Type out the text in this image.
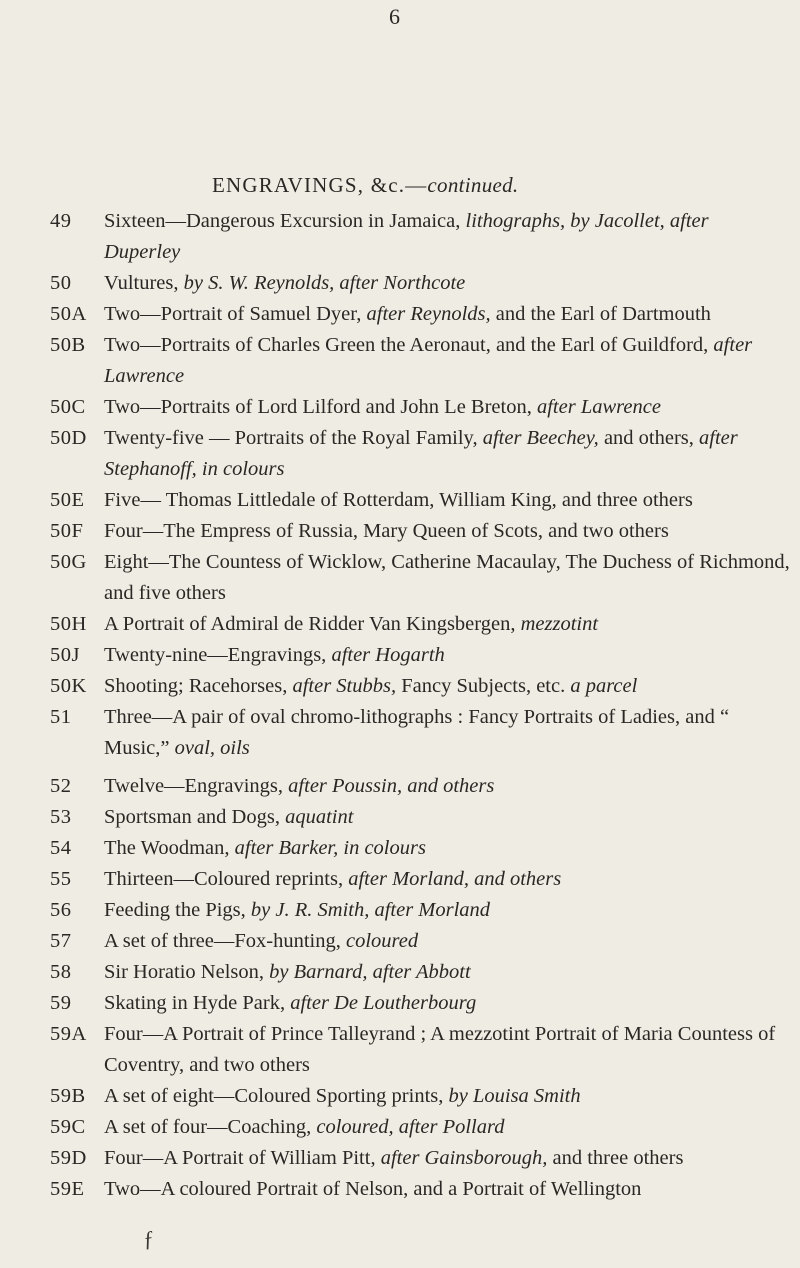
6
ENGRAVINGS, &c.—continued.
49 Sixteen—Dangerous Excursion in Jamaica, lithographs, by Jacollet, after Duperley
50 Vultures, by S. W. Reynolds, after Northcote
50A Two—Portrait of Samuel Dyer, after Reynolds, and the Earl of Dartmouth
50B Two—Portraits of Charles Green the Aeronaut, and the Earl of Guildford, after Lawrence
50C Two—Portraits of Lord Lilford and John Le Breton, after Lawrence
50D Twenty-five — Portraits of the Royal Family, after Beechey, and others, after Stephanoff, in colours
50E Five— Thomas Littledale of Rotterdam, William King, and three others
50F Four—The Empress of Russia, Mary Queen of Scots, and two others
50G Eight—The Countess of Wicklow, Catherine Macaulay, The Duchess of Richmond, and five others
50H A Portrait of Admiral de Ridder Van Kingsbergen, mezzotint
50J Twenty-nine—Engravings, after Hogarth
50K Shooting; Racehorses, after Stubbs, Fancy Subjects, etc. a parcel
51 Three—A pair of oval chromo-lithographs : Fancy Portraits of Ladies, and “ Music,” oval, oils
52 Twelve—Engravings, after Poussin, and others
53 Sportsman and Dogs, aquatint
54 The Woodman, after Barker, in colours
55 Thirteen—Coloured reprints, after Morland, and others
56 Feeding the Pigs, by J. R. Smith, after Morland
57 A set of three—Fox-hunting, coloured
58 Sir Horatio Nelson, by Barnard, after Abbott
59 Skating in Hyde Park, after De Loutherbourg
59A Four—A Portrait of Prince Talleyrand ; A mezzotint Portrait of Maria Countess of Coventry, and two others
59B A set of eight—Coloured Sporting prints, by Louisa Smith
59C A set of four—Coaching, coloured, after Pollard
59D Four—A Portrait of William Pitt, after Gainsborough, and three others
59E Two—A coloured Portrait of Nelson, and a Portrait of Wellington
ƒ
